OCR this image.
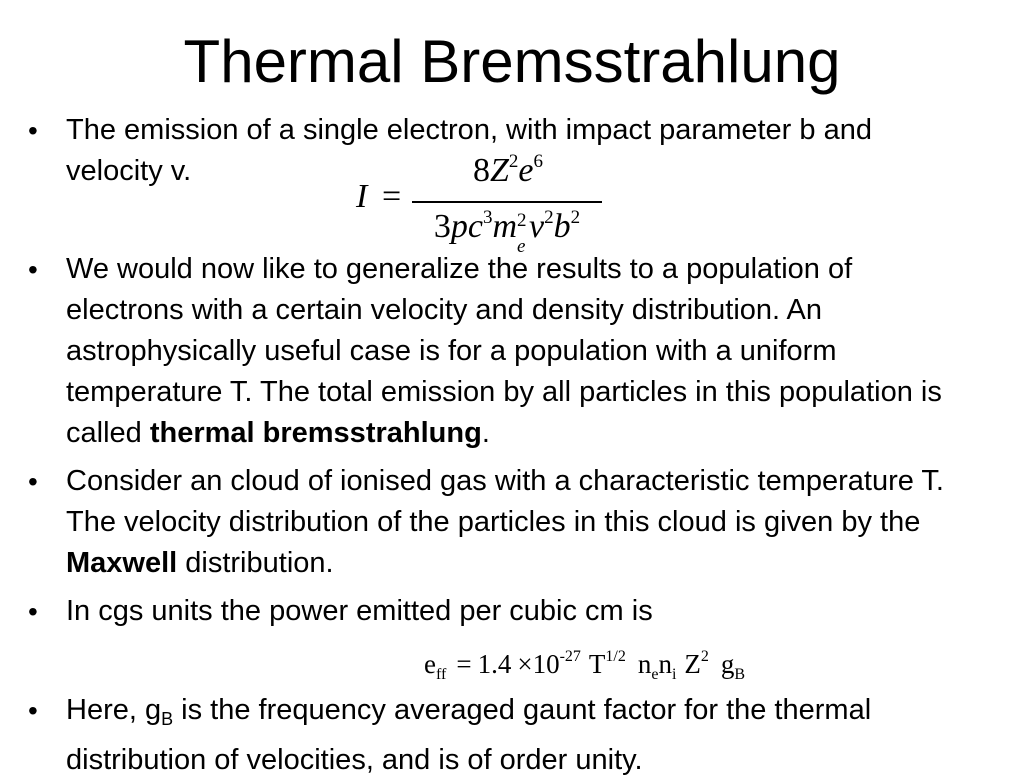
Thermal Bremsstrahlung
• The emission of a single electron, with impact parameter b and velocity v.
I =
$8Z^2e^6$
$3pc^3m$ 2
e
$v^2b^2$
• We would now like to generalize the results to a population of electrons with a certain velocity and density distribution. An astrophysically useful case is for a population with a uniform temperature T. The total emission by all particles in this population is called thermal bremsstrahlung.
• Consider an cloud of ionised gas with a characteristic temperature T. The velocity distribution of the particles in this cloud is given by the Maxwell distribution.
• In cgs units the power emitted per cubic cm is
$e_{ff} = 1.4 \times 10^{-27}$ $T^{1/2}$ $n_en_i$ $Z^2$ $g_B$
• Here, $g_B$ is the frequency averaged gaunt factor for the thermal distribution of velocities, and is of order unity.
